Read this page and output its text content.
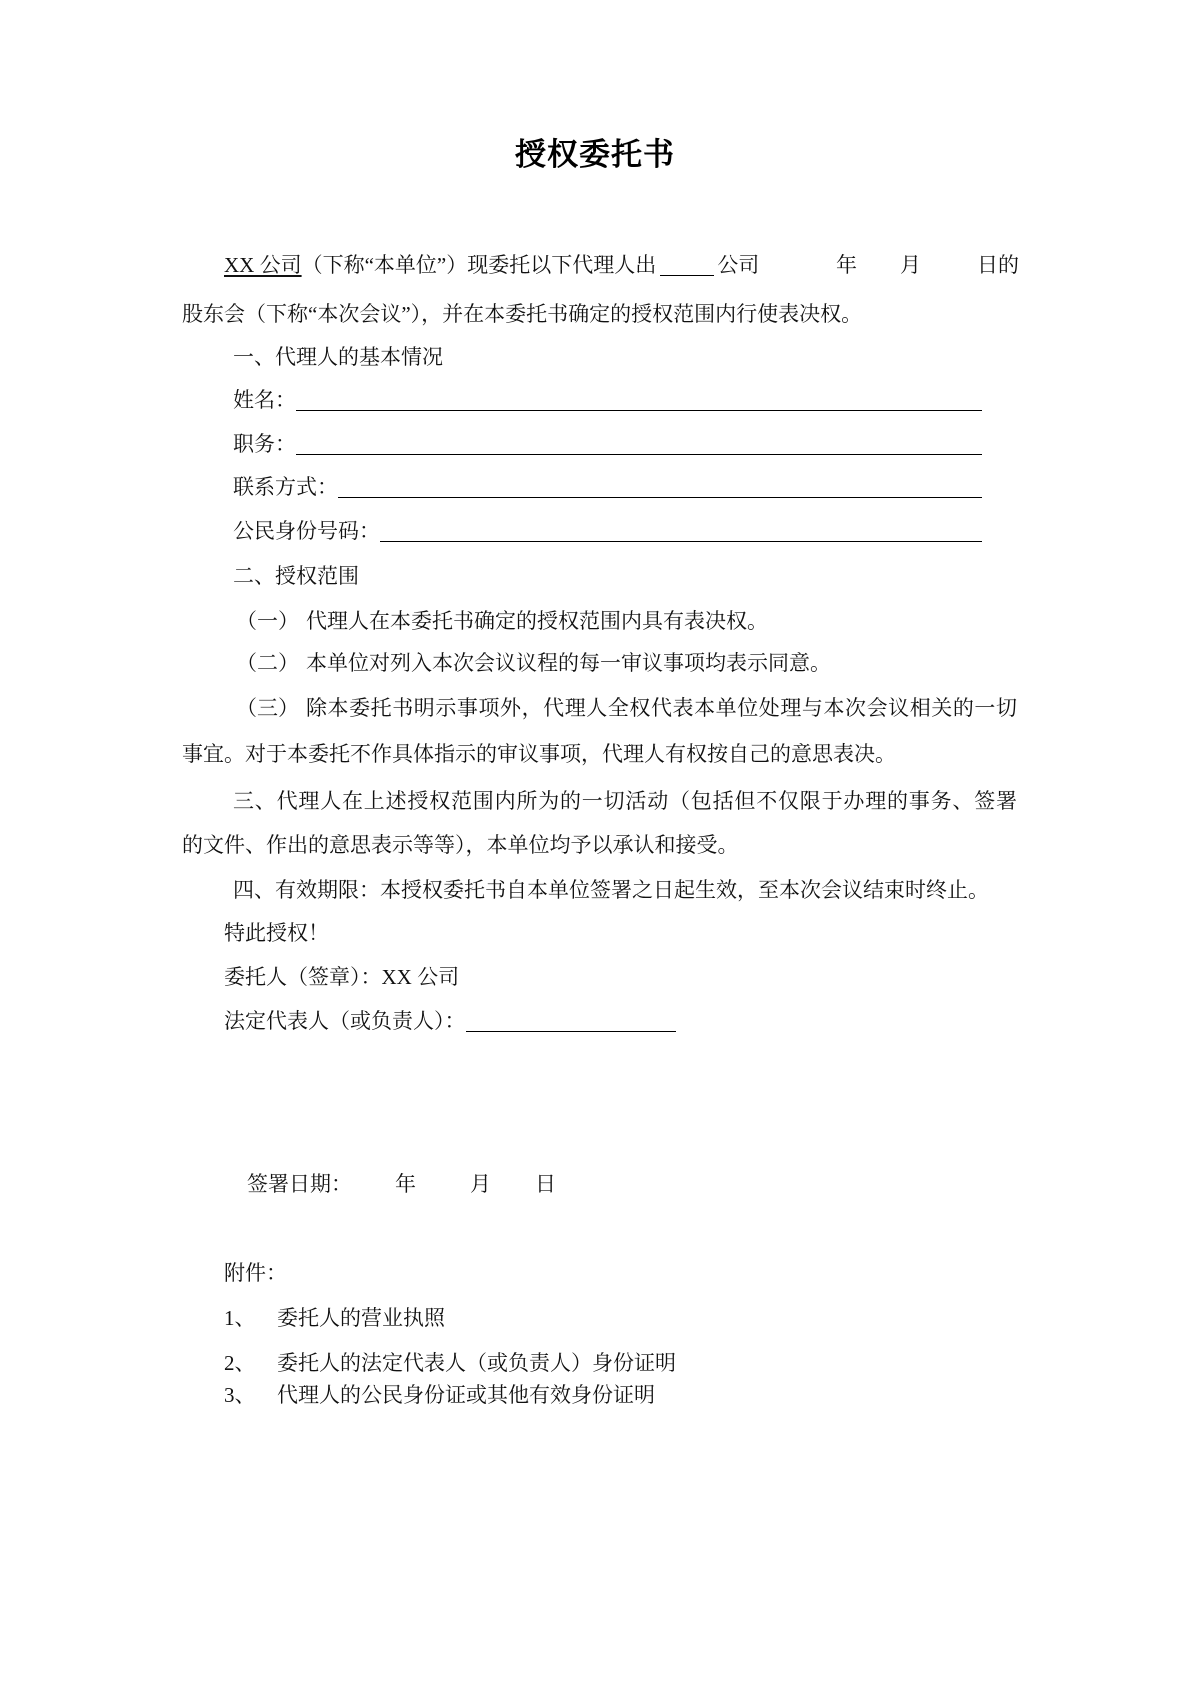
授权委托书
XX 公司 （下称“本单位”）现委托以下代理人出	公司	年 月	日的
股东会（下称“本次会议”），并在本委托书确定的授权范围内行使表决权。
一、代理人的基本情况
姓名：
职务：
联系方式：
公民身份号码：
二、授权范围
（一） 代理人在本委托书确定的授权范围内具有表决权。
（二） 本单位对列入本次会议议程的每一审议事项均表示同意。
（三） 除本委托书明示事项外，代理人全权代表本单位处理与本次会议相关的一切
事宜。对于本委托不作具体指示的审议事项，代理人有权按自己的意思表决。
三、代理人在上述授权范围内所为的一切活动（包括但不仅限于办理的事务、签署
的文件、作出的意思表示等等），本单位均予以承认和接受。
四、有效期限：本授权委托书自本单位签署之日起生效，至本次会议结束时终止。
特此授权！
委托人（签章）：XX 公司
法定代表人（或负责人）：
签署日期： 年	月 日
附件：
1、 委托人的营业执照
2、 委托人的法定代表人（或负责人）身份证明
3、 代理人的公民身份证或其他有效身份证明
